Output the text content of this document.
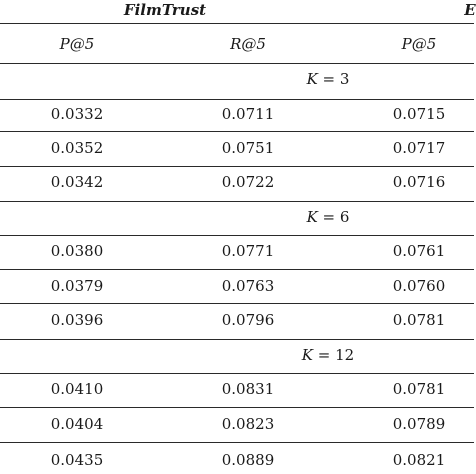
FilmTrust	E
P@5	R@5	P@5
K = 3
0.0332	0.0711	0.0715
0.0352	0.0751	0.0717
0.0342	0.0722	0.0716
K = 6
0.0380	0.0771	0.0761
0.0379	0.0763	0.0760
0.0396	0.0796	0.0781
K = 12
0.0410	0.0831	0.0781
0.0404	0.0823	0.0789
0.0435	0.0889	0.0821
